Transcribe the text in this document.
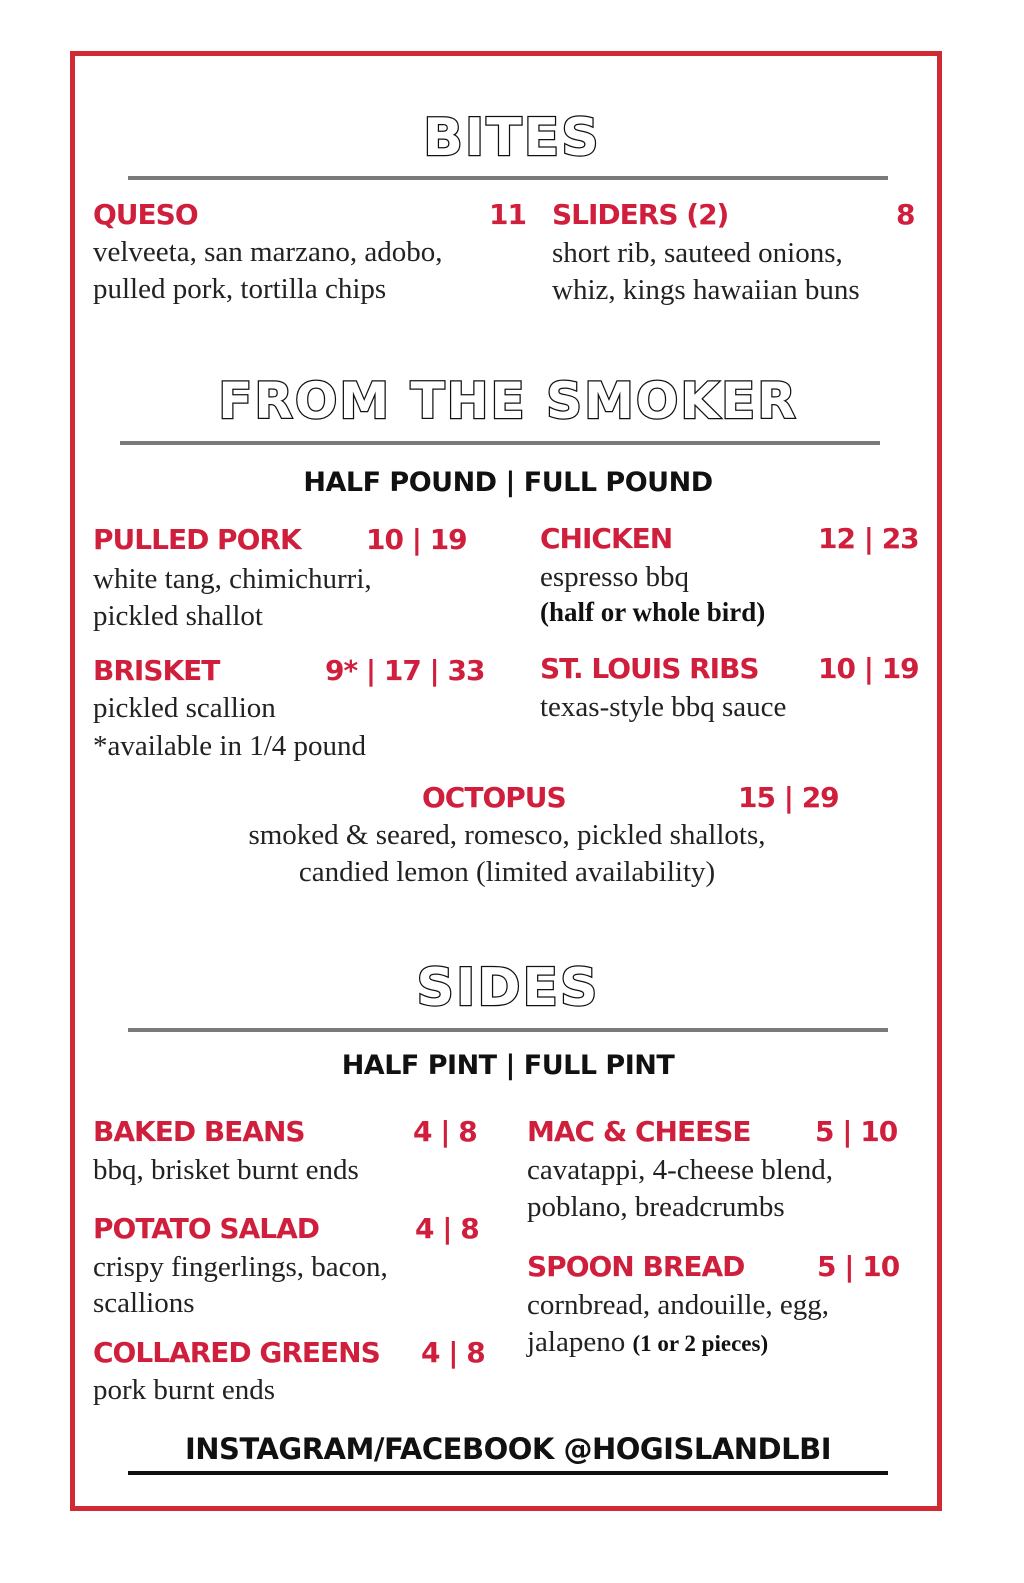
BITES
QUESO	11
velveeta, san marzano, adobo,
pulled pork, tortilla chips
SLIDERS (2)	8
short rib, sauteed onions,
whiz, kings hawaiian buns
FROM THE SMOKER
HALF POUND | FULL POUND
PULLED PORK 10 | 19
white tang, chimichurri,
pickled shallot
CHICKEN	12 | 23
espresso bbq
(half or whole bird)
BRISKET	9* | 17 | 33
pickled scallion
*available in 1/4 pound
ST. LOUIS RIBS 10 | 19
texas-style bbq sauce
OCTOPUS	15 | 29
smoked & seared, romesco, pickled shallots,
candied lemon (limited availability)
SIDES
HALF PINT | FULL PINT
BAKED BEANS	4 | 8
bbq, brisket burnt ends
MAC & CHEESE 5 | 10
cavatappi, 4-cheese blend,
poblano, breadcrumbs
POTATO SALAD	4 | 8
crispy fingerlings, bacon,
scallions
SPOON BREAD	5 | 10
cornbread, andouille, egg,
jalapeno (1 or 2 pieces)
COLLARED GREENS 4 | 8
pork burnt ends
INSTAGRAM/FACEBOOK @HOGISLANDLBI
